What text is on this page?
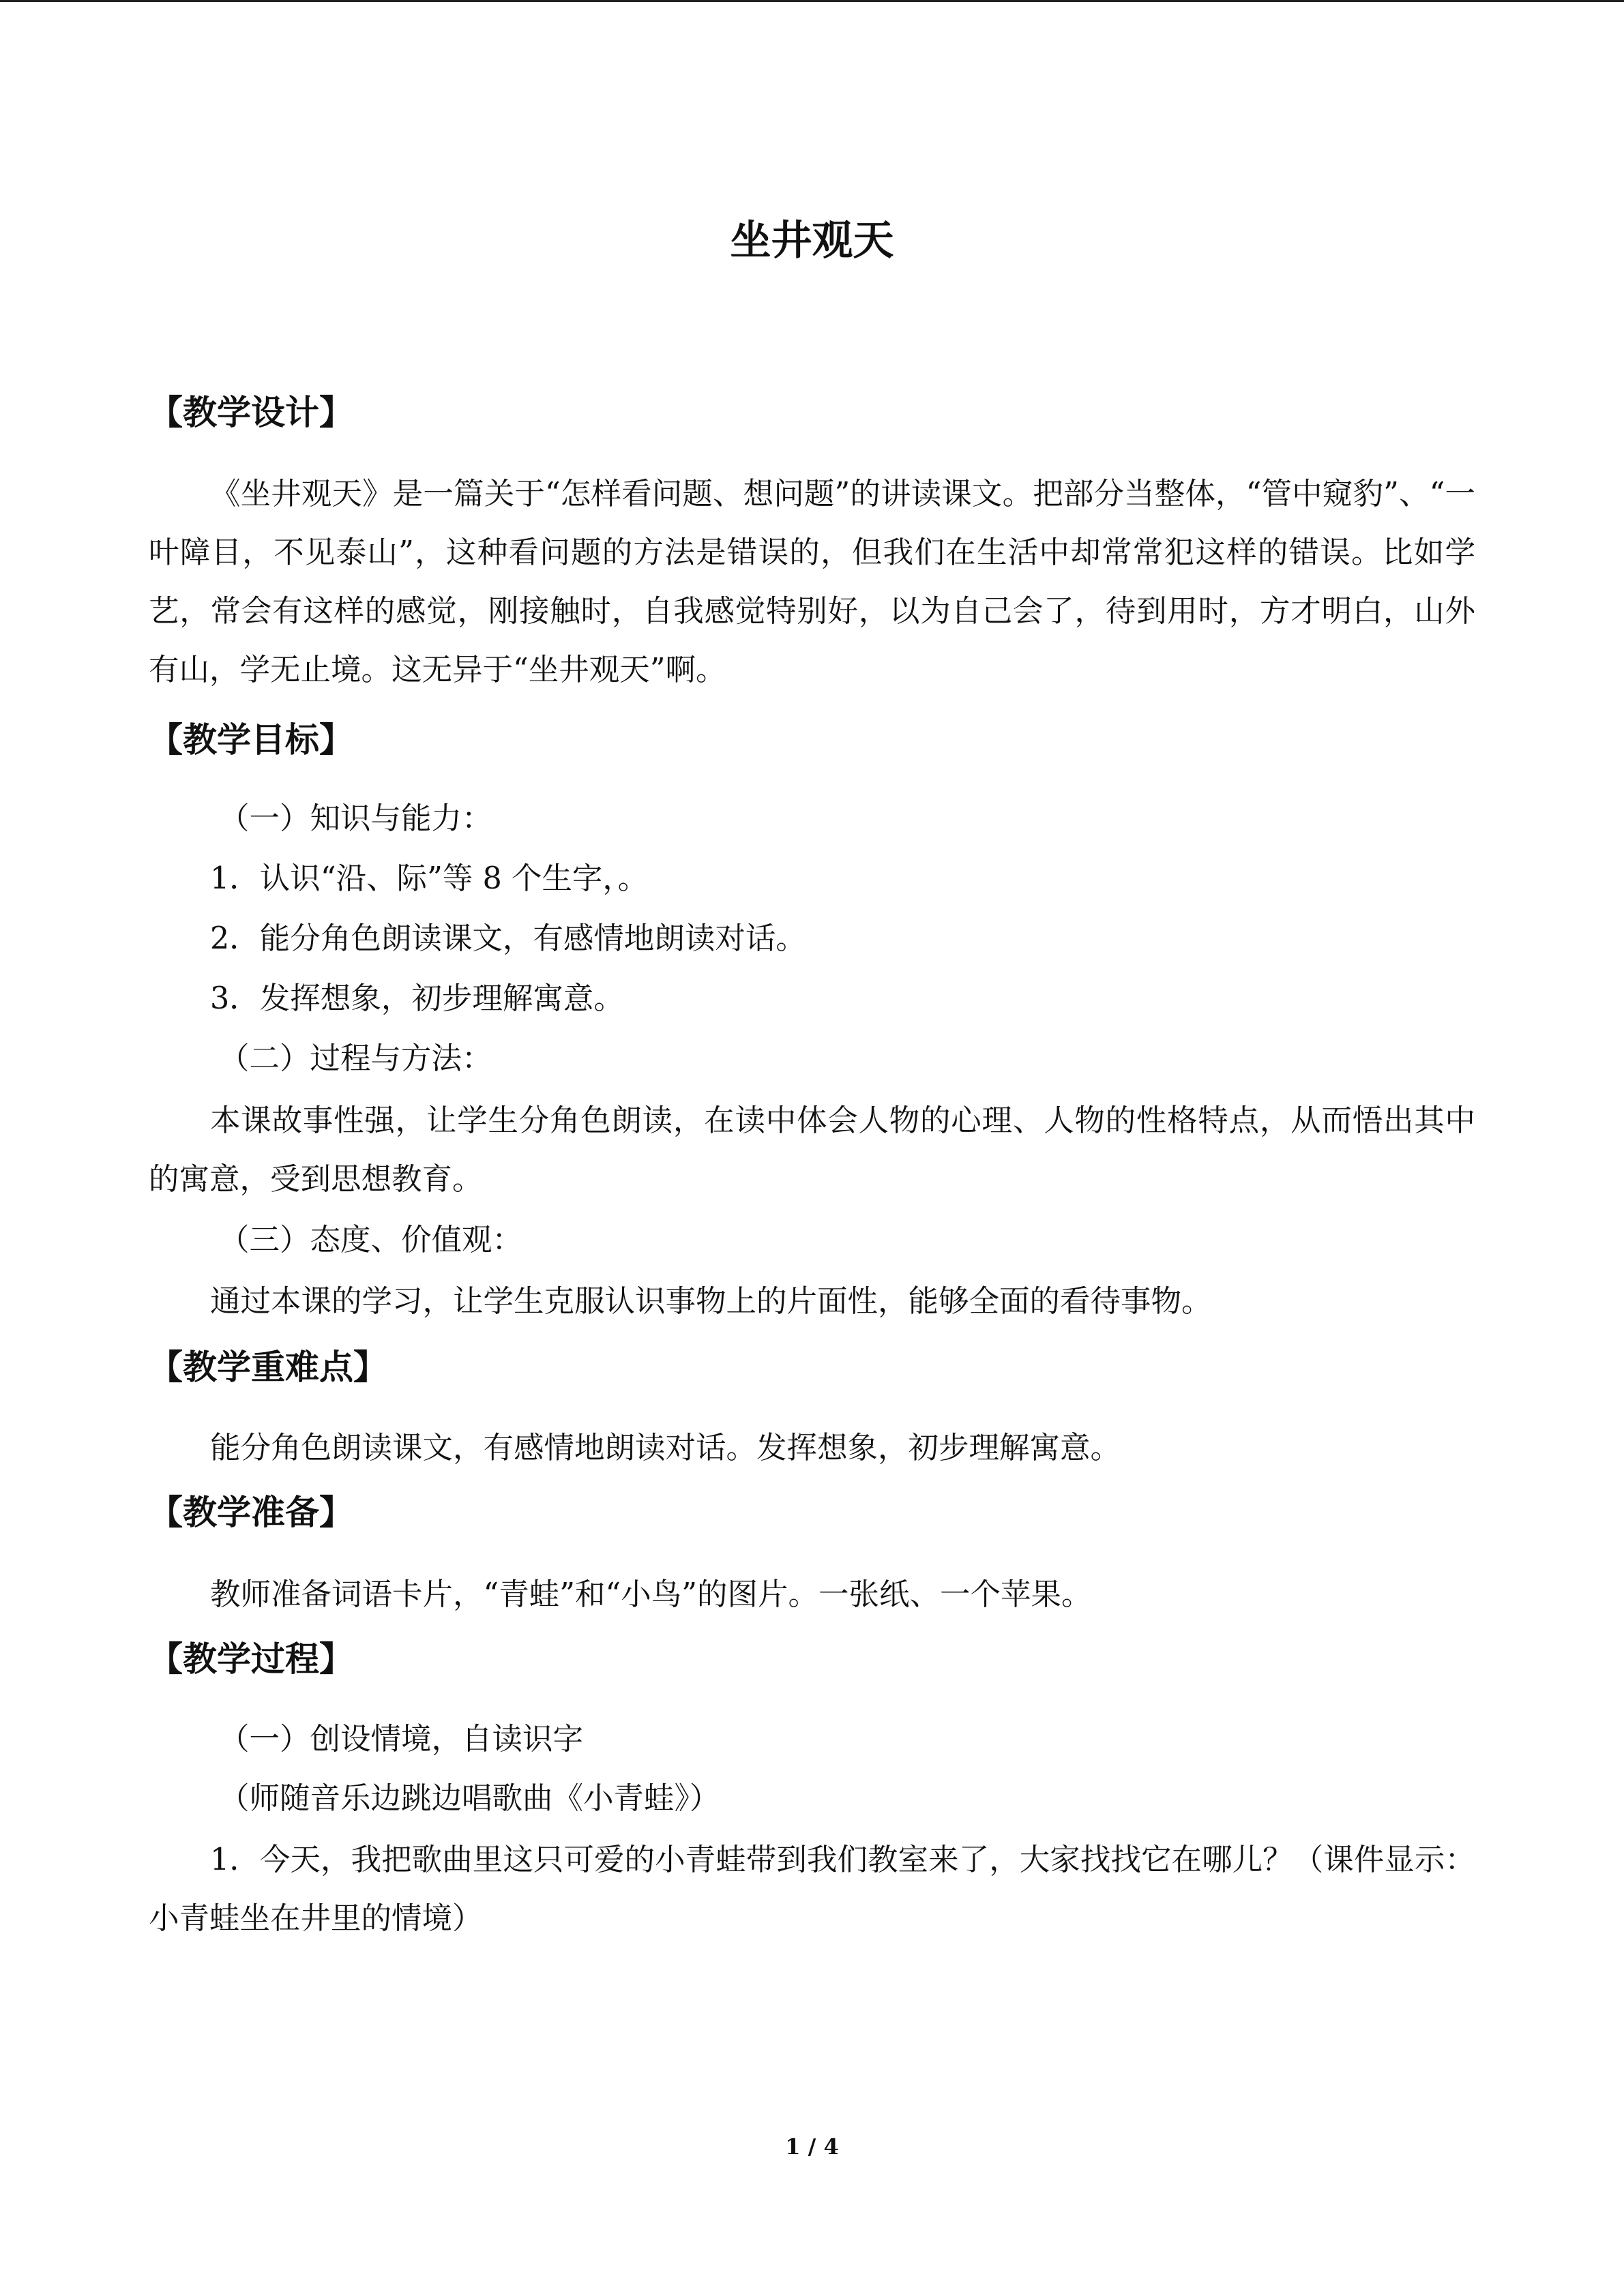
坐井观天
【教学设计】

《坐井观天》是一篇关于“怎样看问题、想问题”的讲读课文。把部分当整体，“管中窥豹”、“一叶障目，不见泰山”，这种看问题的方法是错误的，但我们在生活中却常常犯这样的错误。比如学艺，常会有这样的感觉，刚接触时，自我感觉特别好，以为自己会了，待到用时，方才明白，山外有山，学无止境。这无异于“坐井观天”啊。

【教学目标】

（一）知识与能力：

1．认识“沿、际”等 8 个生字，。

2．能分角色朗读课文，有感情地朗读对话。

3．发挥想象，初步理解寓意。

（二）过程与方法：

本课故事性强，让学生分角色朗读，在读中体会人物的心理、人物的性格特点，从而悟出其中的寓意，受到思想教育。

（三）态度、价值观：

通过本课的学习，让学生克服认识事物上的片面性，能够全面的看待事物。

【教学重难点】

能分角色朗读课文，有感情地朗读对话。发挥想象，初步理解寓意。

【教学准备】

教师准备词语卡片，“青蛙”和“小鸟”的图片。一张纸、一个苹果。

【教学过程】

（一）创设情境，自读识字

（师随音乐边跳边唱歌曲《小青蛙》）

1．今天，我把歌曲里这只可爱的小青蛙带到我们教室来了，大家找找它在哪儿？（课件显示：小青蛙坐在井里的情境）

1 / 4
